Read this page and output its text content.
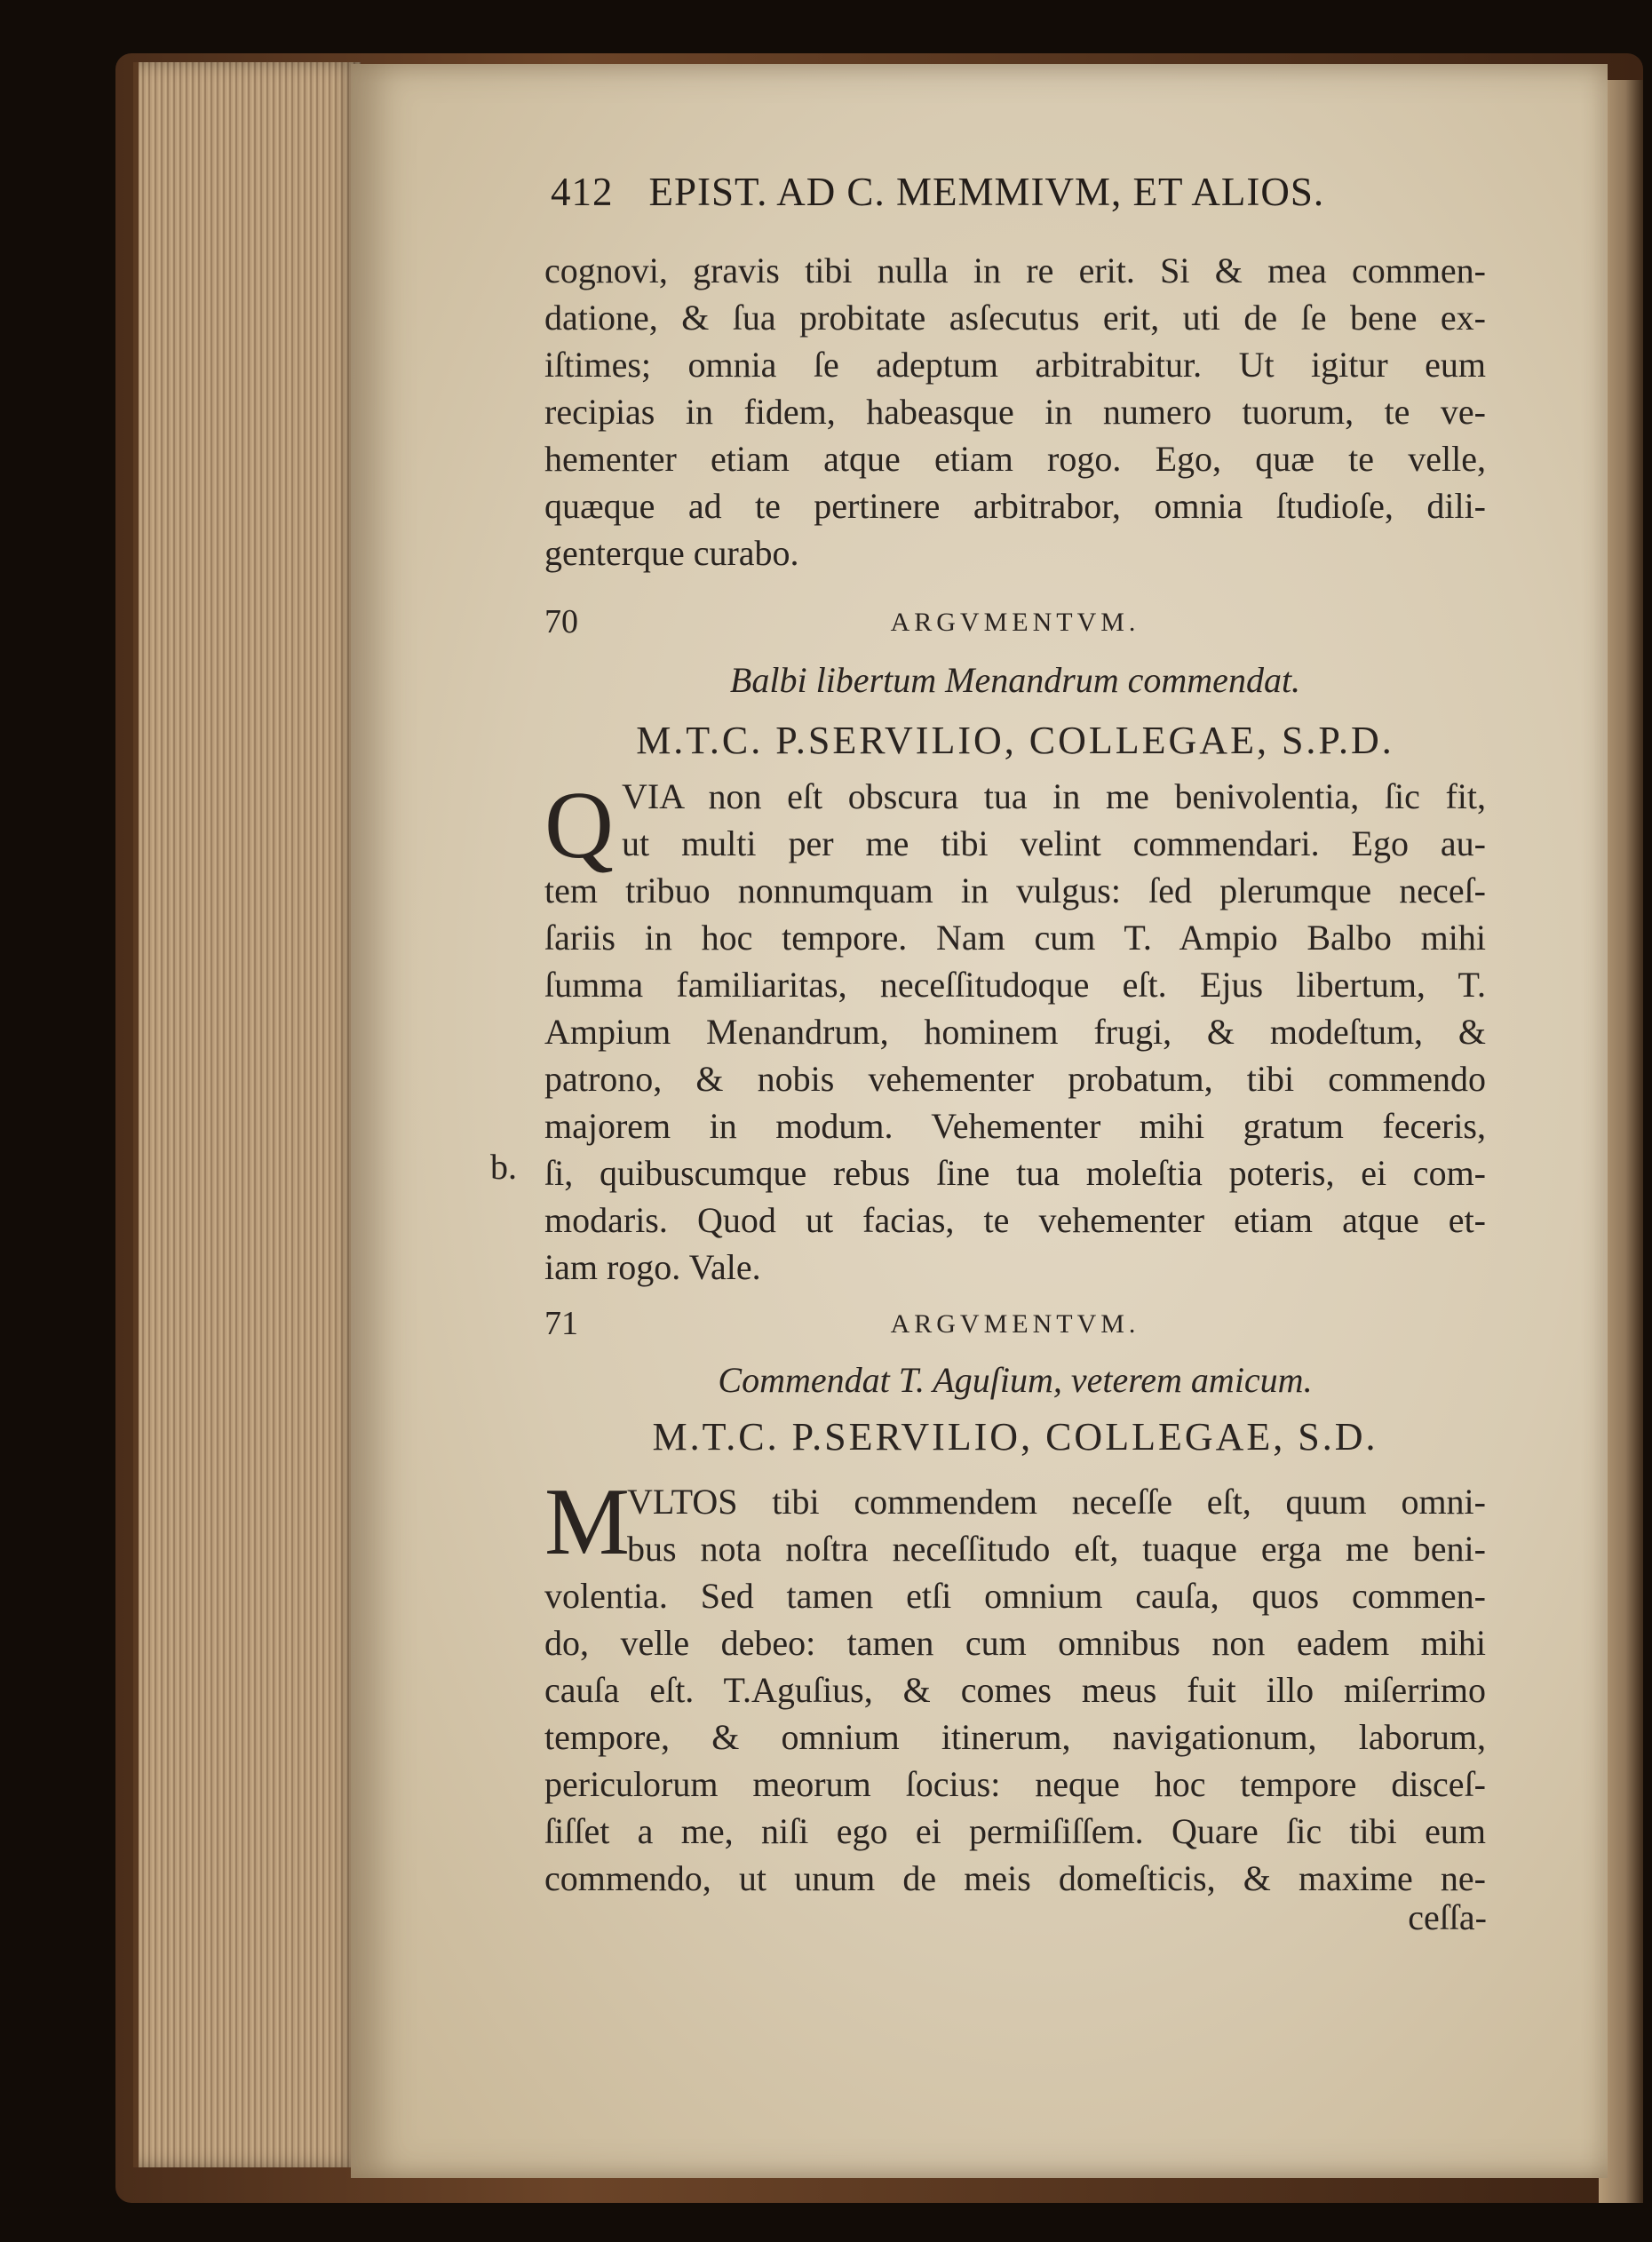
412 EPIST. AD C. MEMMIVM, ET ALIOS.
cognovi, gravis tibi nulla in re erit. Si & mea commen-
datione, & ſua probitate asſecutus erit, uti de ſe bene ex-
iſtimes; omnia ſe adeptum arbitrabitur. Ut igitur eum
recipias in fidem, habeasque in numero tuorum, te ve-
hementer etiam atque etiam rogo. Ego, quæ te velle,
quæque ad te pertinere arbitrabor, omnia ſtudioſe, dili-
genterque curabo.
70	ARGVMENTVM.
Balbi libertum Menandrum commendat.
M.T.C. P.SERVILIO, COLLEGAE, S.P.D.
Q VIA non eſt obscura tua in me benivolentia, ſic fit,
ut multi per me tibi velint commendari. Ego au-
tem tribuo nonnumquam in vulgus: ſed plerumque neceſ-
ſariis in hoc tempore. Nam cum T. Ampio Balbo mihi
ſumma familiaritas, neceſſitudoque eſt. Ejus libertum, T.
Ampium Menandrum, hominem frugi, & modeſtum, &
patrono, & nobis vehementer probatum, tibi commendo
majorem in modum. Vehementer mihi gratum feceris,
ſi, quibuscumque rebus ſine tua moleſtia poteris, ei com-
modaris. Quod ut facias, te vehementer etiam atque et-
iam rogo. Vale.
b.
71	ARGVMENTVM.
Commendat T. Aguſium, veterem amicum.
M.T.C. P.SERVILIO, COLLEGAE, S.D.
M
VLTOS tibi commendem neceſſe eſt, quum omni-
bus nota noſtra neceſſitudo eſt, tuaque erga me beni-
volentia. Sed tamen etſi omnium cauſa, quos commen-
do, velle debeo: tamen cum omnibus non eadem mihi
cauſa eſt. T.Aguſius, & comes meus fuit illo miſerrimo
tempore, & omnium itinerum, navigationum, laborum,
periculorum meorum ſocius: neque hoc tempore disceſ-
ſiſſet a me, niſi ego ei permiſiſſem. Quare ſic tibi eum
commendo, ut unum de meis domeſticis, & maxime ne-
ceſſa-
